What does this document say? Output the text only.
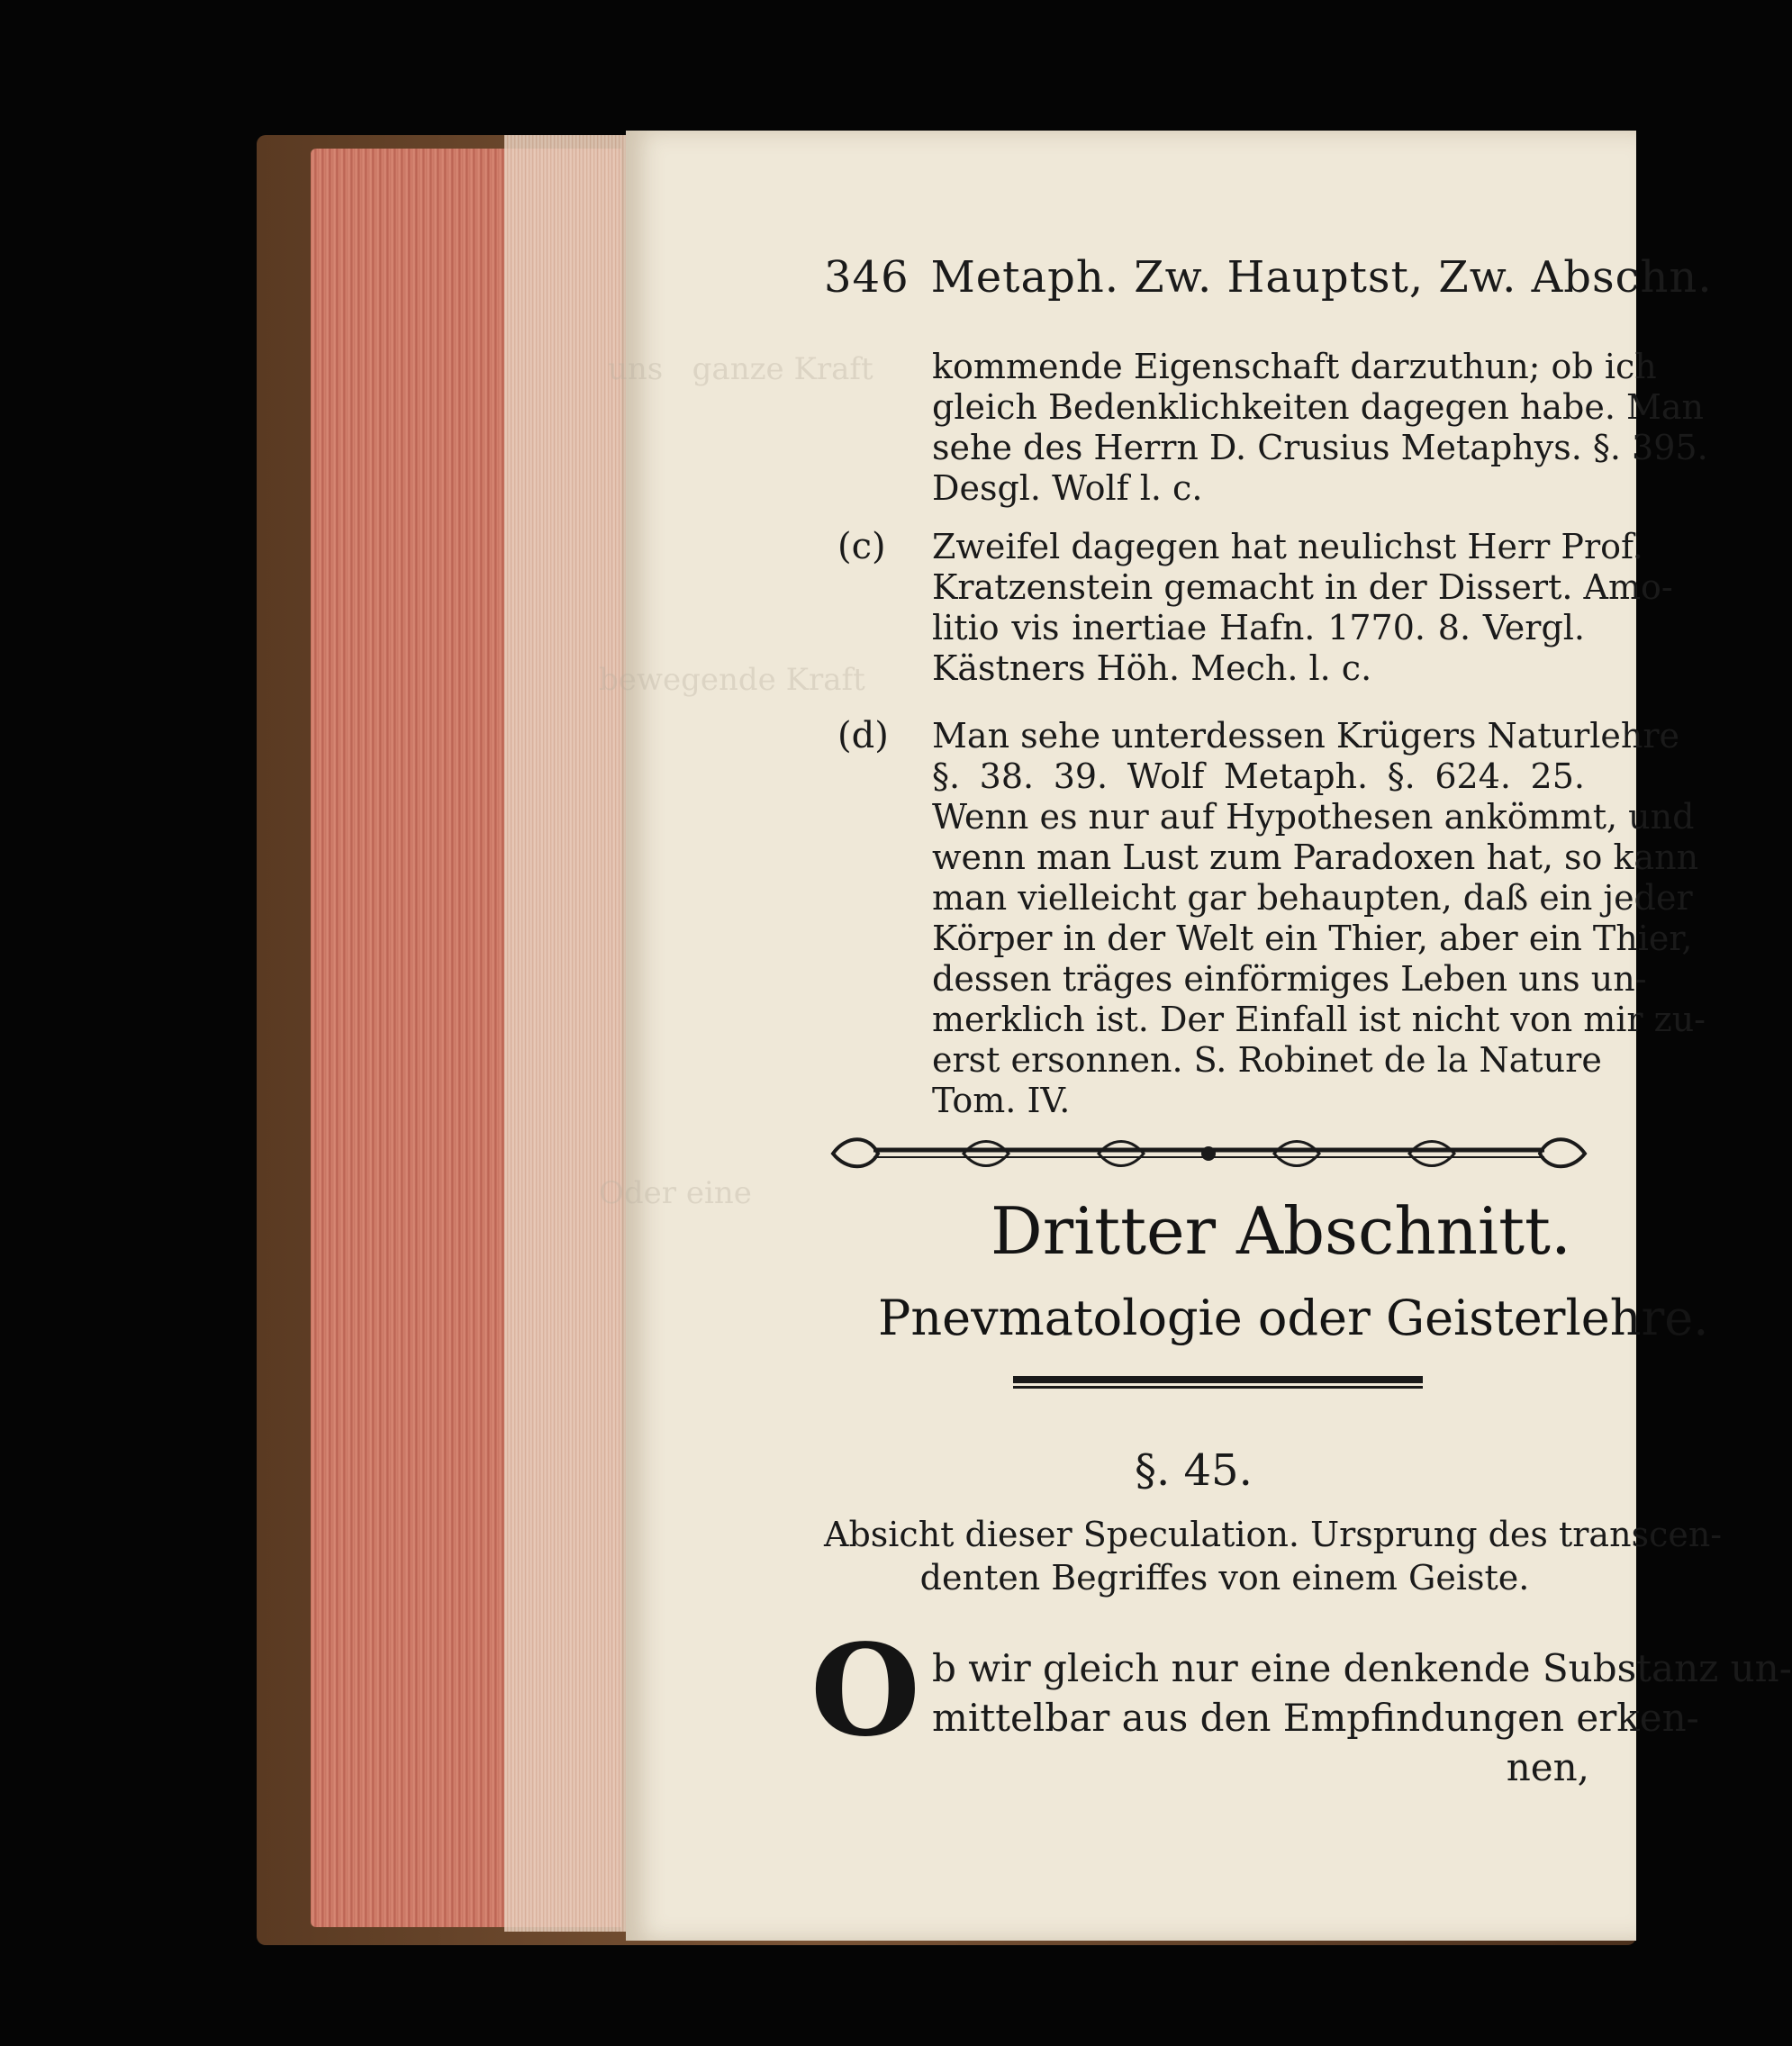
uns   ganze Kraft
bewegende Kraft
Oder eine
346 Metaph. Zw. Hauptst, Zw. Abschn.
kommende Eigenschaft darzuthun; ob ich
gleich Bedenklichkeiten dagegen habe. Man
sehe des Herrn D. Crusius Metaphys. §. 395.
Desgl. Wolf l. c.
(c) Zweifel dagegen hat neulichst Herr Prof.
Kratzenstein gemacht in der Dissert. Amo-
litio vis inertiae Hafn. 1770. 8. Vergl.
Kästners Höh. Mech. l. c.
(d) Man sehe unterdessen Krügers Naturlehre
§. 38. 39. Wolf Metaph. §. 624. 25.
Wenn es nur auf Hypothesen ankömmt, und
wenn man Lust zum Paradoxen hat, so kann
man vielleicht gar behaupten, daß ein jeder
Körper in der Welt ein Thier, aber ein Thier,
dessen träges einförmiges Leben uns un-
merklich ist. Der Einfall ist nicht von mir zu-
erst ersonnen. S. Robinet de la Nature
Tom. IV.
Dritter Abschnitt.
Pnevmatologie oder Geisterlehre.
§. 45.
Absicht dieser Speculation. Ursprung des transcen-
denten Begriffes von einem Geiste.
O b wir gleich nur eine denkende Substanz un-
mittelbar aus den Empfindungen erken-
nen,
